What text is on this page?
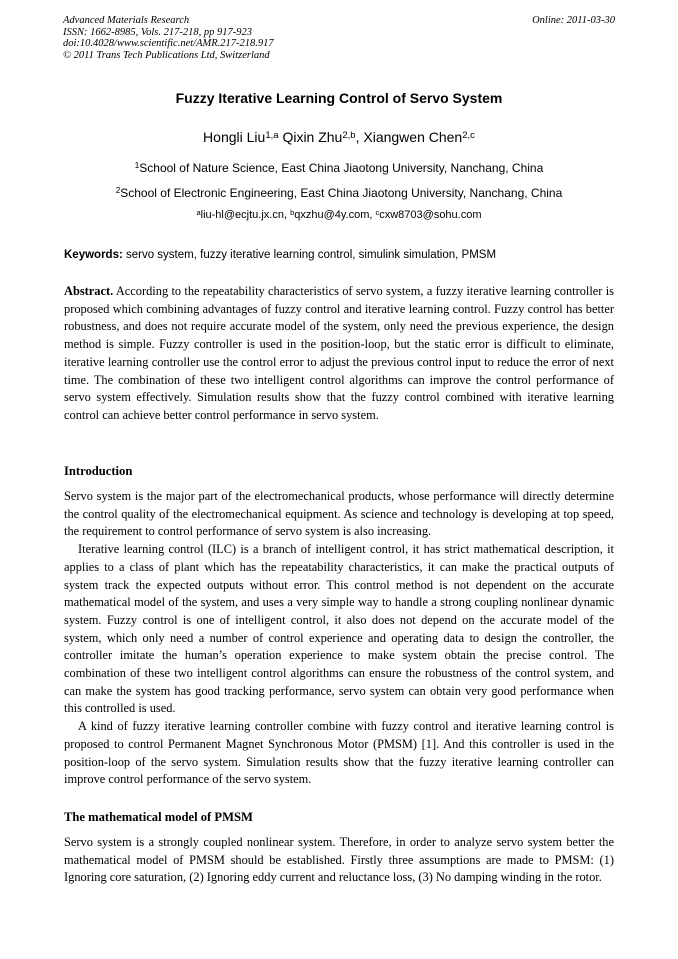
Advanced Materials Research
ISSN: 1662-8985, Vols. 217-218, pp 917-923
doi:10.4028/www.scientific.net/AMR.217-218.917
© 2011 Trans Tech Publications Ltd, Switzerland
Online: 2011-03-30
Fuzzy Iterative Learning Control of Servo System
Hongli Liu$^{1,a}$ Qixin Zhu$^{2,b}$, Xiangwen Chen$^{2,c}$
$^1$School of Nature Science, East China Jiaotong University, Nanchang, China
$^2$School of Electronic Engineering, East China Jiaotong University, Nanchang, China
$^a$liu-hl@ecjtu.jx.cn, $^b$qxzhu@4y.com, $^c$cxw8703@sohu.com
Keywords: servo system, fuzzy iterative learning control, simulink simulation, PMSM

Abstract. According to the repeatability characteristics of servo system, a fuzzy iterative learning controller is proposed which combining advantages of fuzzy control and iterative learning control. Fuzzy control has better robustness, and does not require accurate model of the system, only need the previous experience, the design method is simple. Fuzzy controller is used in the position-loop, but the static error is difficult to eliminate, iterative learning controller use the control error to adjust the previous control input to reduce the error of next time. The combination of these two intelligent control algorithms can improve the control performance of servo system effectively. Simulation results show that the fuzzy control combined with iterative learning control can achieve better control performance in servo system.

Introduction

Servo system is the major part of the electromechanical products, whose performance will directly determine the control quality of the electromechanical equipment. As science and technology is developing at top speed, the requirement to control performance of servo system is also increasing.

Iterative learning control (ILC) is a branch of intelligent control, it has strict mathematical description, it applies to a class of plant which has the repeatability characteristics, it can make the practical outputs of system track the expected outputs without error. This control method is not dependent on the accurate mathematical model of the system, and uses a very simple way to handle a strong coupling nonlinear dynamic system. Fuzzy control is one of intelligent control, it also does not depend on the accurate model of the system, which only need a number of control experience and operating data to design the controller, the controller imitate the human’s operation experience to make system obtain the precise control. The combination of these two intelligent control algorithms can ensure the robustness of the control system, and can make the system has good tracking performance, servo system can obtain very good performance when this controlled is used.

A kind of fuzzy iterative learning controller combine with fuzzy control and iterative learning control is proposed to control Permanent Magnet Synchronous Motor (PMSM) [1]. And this controller is used in the position-loop of the servo system. Simulation results show that the fuzzy iterative learning controller can improve control performance of the servo system.

The mathematical model of PMSM

Servo system is a strongly coupled nonlinear system. Therefore, in order to analyze servo system better the mathematical model of PMSM should be established. Firstly three assumptions are made to PMSM: (1) Ignoring core saturation, (2) Ignoring eddy current and reluctance loss, (3) No damping winding in the rotor.
